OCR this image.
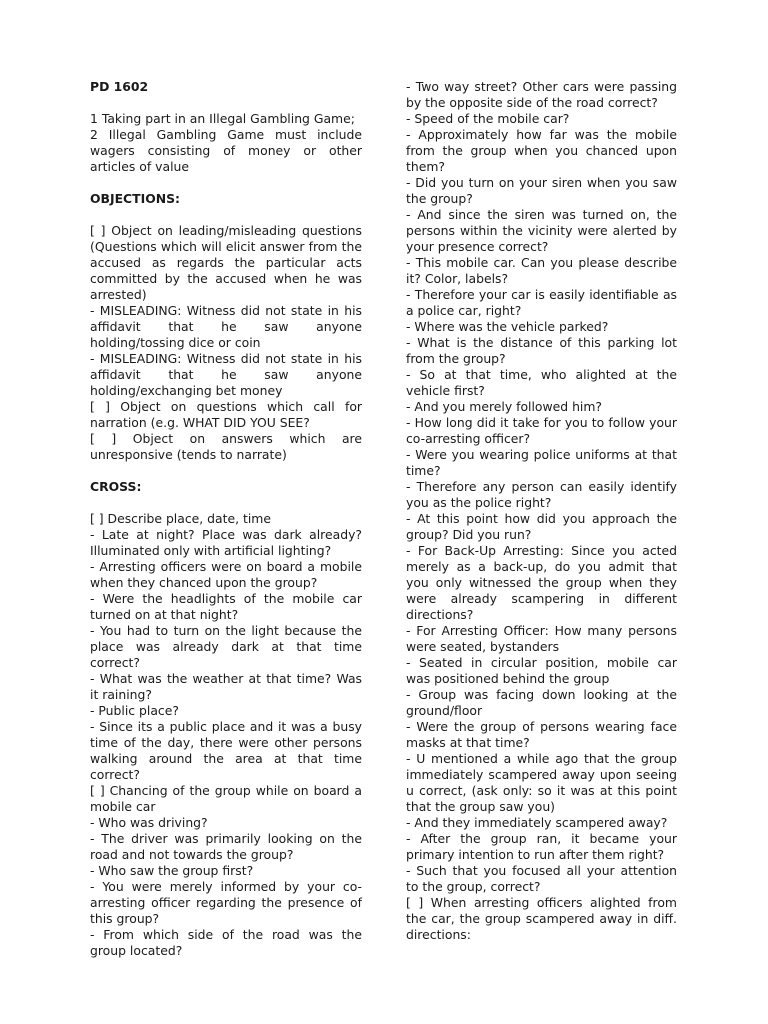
PD 1602

1 Taking part in an Illegal Gambling Game;

2 Illegal Gambling Game must include wagers consisting of money or other articles of value

OBJECTIONS:

[ ] Object on leading/misleading questions (Questions which will elicit answer from the accused as regards the particular acts committed by the accused when he was arrested)

- MISLEADING: Witness did not state in his affidavit that he saw anyone holding/tossing dice or coin

- MISLEADING: Witness did not state in his affidavit that he saw anyone holding/exchanging bet money

[ ] Object on questions which call for narration (e.g. WHAT DID YOU SEE?

[ ] Object on answers which are unresponsive (tends to narrate)

CROSS:

[ ] Describe place, date, time

- Late at night? Place was dark already? Illuminated only with artificial lighting?

- Arresting officers were on board a mobile when they chanced upon the group?

- Were the headlights of the mobile car turned on at that night?

- You had to turn on the light because the place was already dark at that time correct?

- What was the weather at that time? Was it raining?

- Public place?

- Since its a public place and it was a busy time of the day, there were other persons walking around the area at that time correct?

[ ] Chancing of the group while on board a mobile car

- Who was driving?

- The driver was primarily looking on the road and not towards the group?

- Who saw the group first?

- You were merely informed by your co-arresting officer regarding the presence of this group?

- From which side of the road was the group located?

- Two way street? Other cars were passing by the opposite side of the road correct?

- Speed of the mobile car?

- Approximately how far was the mobile from the group when you chanced upon them?

- Did you turn on your siren when you saw the group?

- And since the siren was turned on, the persons within the vicinity were alerted by your presence correct?

- This mobile car. Can you please describe it? Color, labels?

- Therefore your car is easily identifiable as a police car, right?

- Where was the vehicle parked?

- What is the distance of this parking lot from the group?

- So at that time, who alighted at the vehicle first?

- And you merely followed him?

- How long did it take for you to follow your co-arresting officer?

- Were you wearing police uniforms at that time?

- Therefore any person can easily identify you as the police right?

- At this point how did you approach the group? Did you run?

- For Back-Up Arresting: Since you acted merely as a back-up, do you admit that you only witnessed the group when they were already scampering in different directions?

- For Arresting Officer: How many persons were seated, bystanders

- Seated in circular position, mobile car was positioned behind the group

- Group was facing down looking at the ground/floor

- Were the group of persons wearing face masks at that time?

- U mentioned a while ago that the group immediately scampered away upon seeing u correct, (ask only: so it was at this point that the group saw you)

- And they immediately scampered away?

- After the group ran, it became your primary intention to run after them right?

- Such that you focused all your attention to the group, correct?

[ ] When arresting officers alighted from the car, the group scampered away in diff. directions:
